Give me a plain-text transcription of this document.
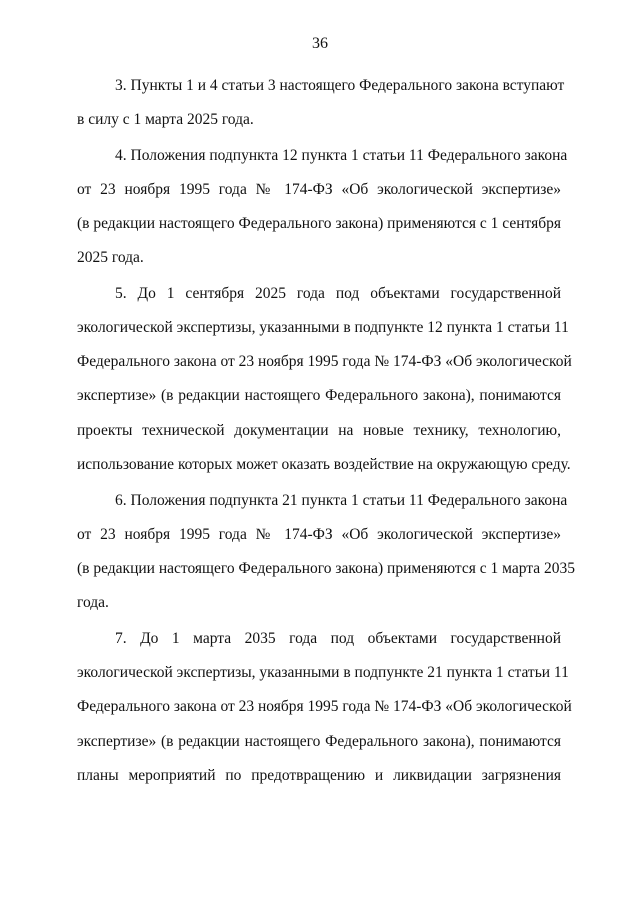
36
3. Пункты 1 и 4 статьи 3 настоящего Федерального закона вступают
в силу с 1 марта 2025 года.
4. Положения подпункта 12 пункта 1 статьи 11 Федерального закона
от 23 ноября 1995 года № 174-ФЗ «Об экологической экспертизе»
(в редакции настоящего Федерального закона) применяются с 1 сентября
2025 года.
5. До 1 сентября 2025 года под объектами государственной
экологической экспертизы, указанными в подпункте 12 пункта 1 статьи 11
Федерального закона от 23 ноября 1995 года № 174-ФЗ «Об экологической
экспертизе» (в редакции настоящего Федерального закона), понимаются
проекты технической документации на новые технику, технологию,
использование которых может оказать воздействие на окружающую среду.
6. Положения подпункта 21 пункта 1 статьи 11 Федерального закона
от 23 ноября 1995 года № 174-ФЗ «Об экологической экспертизе»
(в редакции настоящего Федерального закона) применяются с 1 марта 2035
года.
7. До 1 марта 2035 года под объектами государственной
экологической экспертизы, указанными в подпункте 21 пункта 1 статьи 11
Федерального закона от 23 ноября 1995 года № 174-ФЗ «Об экологической
экспертизе» (в редакции настоящего Федерального закона), понимаются
планы мероприятий по предотвращению и ликвидации загрязнения
